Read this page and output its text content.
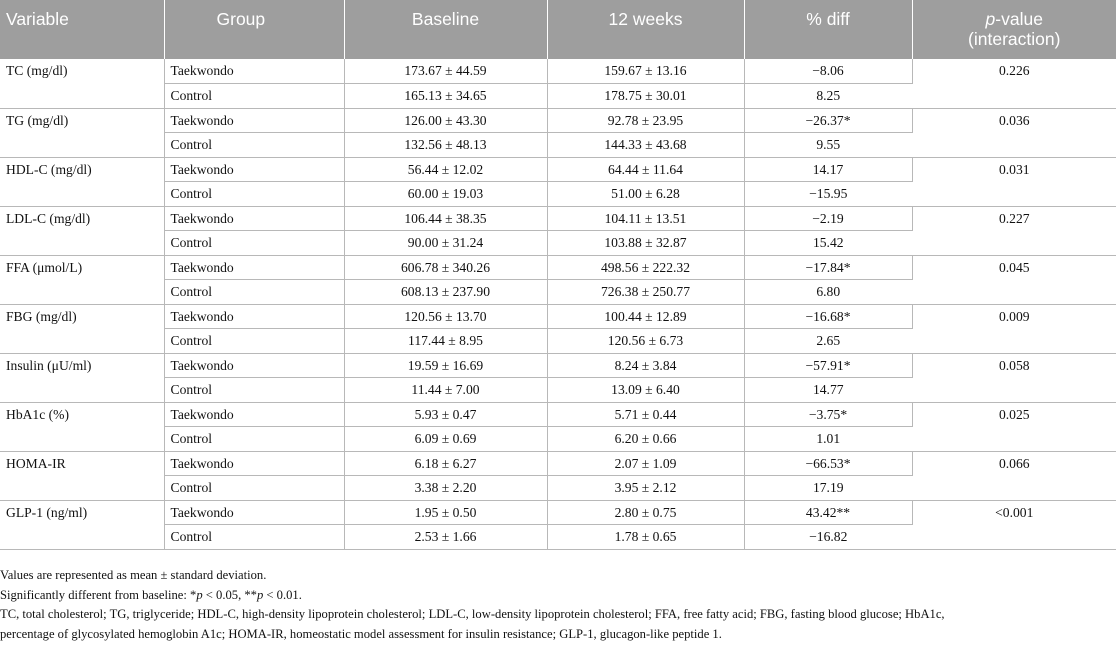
Variable	Group	Baseline	12 weeks	% diff	p-value
(interaction)
TC (mg/dl)	Taekwondo	173.67 ± 44.59	159.67 ± 13.16	−8.06	0.226
	Control	165.13 ± 34.65	178.75 ± 30.01	8.25	
TG (mg/dl)	Taekwondo	126.00 ± 43.30	92.78 ± 23.95	−26.37*	0.036
	Control	132.56 ± 48.13	144.33 ± 43.68	9.55	
HDL-C (mg/dl)	Taekwondo	56.44 ± 12.02	64.44 ± 11.64	14.17	0.031
	Control	60.00 ± 19.03	51.00 ± 6.28	−15.95	
LDL-C (mg/dl)	Taekwondo	106.44 ± 38.35	104.11 ± 13.51	−2.19	0.227
	Control	90.00 ± 31.24	103.88 ± 32.87	15.42	
FFA (μmol/L)	Taekwondo	606.78 ± 340.26	498.56 ± 222.32	−17.84*	0.045
	Control	608.13 ± 237.90	726.38 ± 250.77	6.80	
FBG (mg/dl)	Taekwondo	120.56 ± 13.70	100.44 ± 12.89	−16.68*	0.009
	Control	117.44 ± 8.95	120.56 ± 6.73	2.65	
Insulin (μU/ml)	Taekwondo	19.59 ± 16.69	8.24 ± 3.84	−57.91*	0.058
	Control	11.44 ± 7.00	13.09 ± 6.40	14.77	
HbA1c (%)	Taekwondo	5.93 ± 0.47	5.71 ± 0.44	−3.75*	0.025
	Control	6.09 ± 0.69	6.20 ± 0.66	1.01	
HOMA-IR	Taekwondo	6.18 ± 6.27	2.07 ± 1.09	−66.53*	0.066
	Control	3.38 ± 2.20	3.95 ± 2.12	17.19	
GLP-1 (ng/ml)	Taekwondo	1.95 ± 0.50	2.80 ± 0.75	43.42**	<0.001
	Control	2.53 ± 1.66	1.78 ± 0.65	−16.82	

Values are represented as mean ± standard deviation.

Significantly different from baseline: *p < 0.05, **p < 0.01.

TC, total cholesterol; TG, triglyceride; HDL-C, high-density lipoprotein cholesterol; LDL-C, low-density lipoprotein cholesterol; FFA, free fatty acid; FBG, fasting blood glucose; HbA1c,

percentage of glycosylated hemoglobin A1c; HOMA-IR, homeostatic model assessment for insulin resistance; GLP-1, glucagon-like peptide 1.
